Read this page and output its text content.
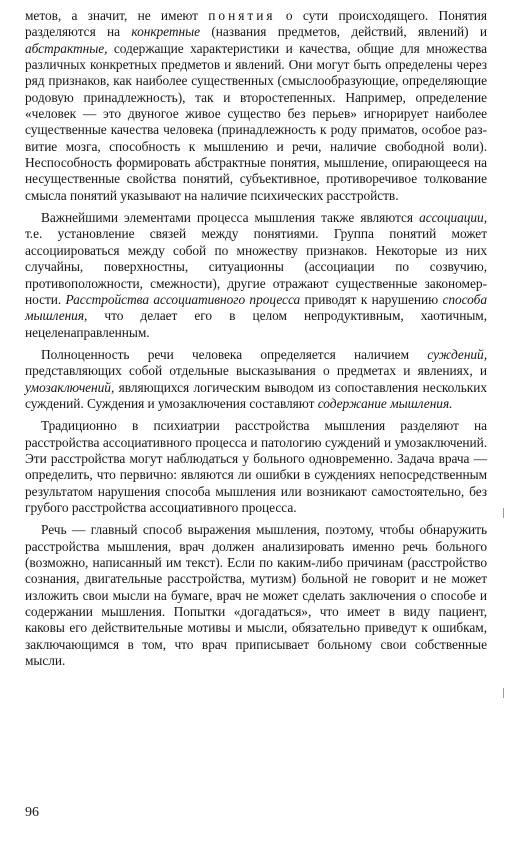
метов, а значит, не имеют понятия о сути происходящего. Понятия разделяются на конкретные (названия предметов, действий, явлений) и абстрактные, содержащие характеристики и качества, общие для множества различных конкретных предметов и явлений. Они могут быть определены через ряд признаков, как наиболее существенных (смыслообразующие, определяющие родовую принадлежность), так и второстепенных. Например, определение «человек — это двуногое живое существо без перьев» игнорирует наиболее существенные качества человека (принадлежность к роду приматов, особое развитие мозга, способность к мышлению и речи, наличие свободной воли). Неспособность формировать абстрактные понятия, мышление, опирающееся на несущественные свойства понятий, субъективное, противоречивое толкование смысла понятий указывают на наличие психических расстройств.

Важнейшими элементами процесса мышления также являются ассоциации, т.е. установление связей между понятиями. Группа понятий может ассоциироваться между собой по множеству признаков. Некоторые из них случайны, поверхностны, ситуационны (ассоциации по созвучию, противоположности, смежности), другие отражают существенные закономерности. Расстройства ассоциативного процесса приводят к нарушению способа мышления, что делает его в целом непродуктивным, хаотичным, нецеленаправленным.

Полноценность речи человека определяется наличием суждений, представляющих собой отдельные высказывания о предметах и явлениях, и умозаключений, являющихся логическим выводом из сопоставления нескольких суждений. Суждения и умозаключения составляют содержание мышления.

Традиционно в психиатрии расстройства мышления разделяют на расстройства ассоциативного процесса и патологию суждений и умозаключений. Эти расстройства могут наблюдаться у больного одновременно. Задача врача — определить, что первично: являются ли ошибки в суждениях непосредственным результатом нарушения способа мышления или возникают самостоятельно, без грубого расстройства ассоциативного процесса.

Речь — главный способ выражения мышления, поэтому, чтобы обнаружить расстройства мышления, врач должен анализировать именно речь больного (возможно, написанный им текст). Если по каким-либо причинам (расстройство сознания, двигательные расстройства, мутизм) больной не говорит и не может изложить свои мысли на бумаге, врач не может сделать заключения о способе и содержании мышления. Попытки «догадаться», что имеет в виду пациент, каковы его действительные мотивы и мысли, обязательно приведут к ошибкам, заключающимся в том, что врач приписывает больному свои собственные мысли.

96
